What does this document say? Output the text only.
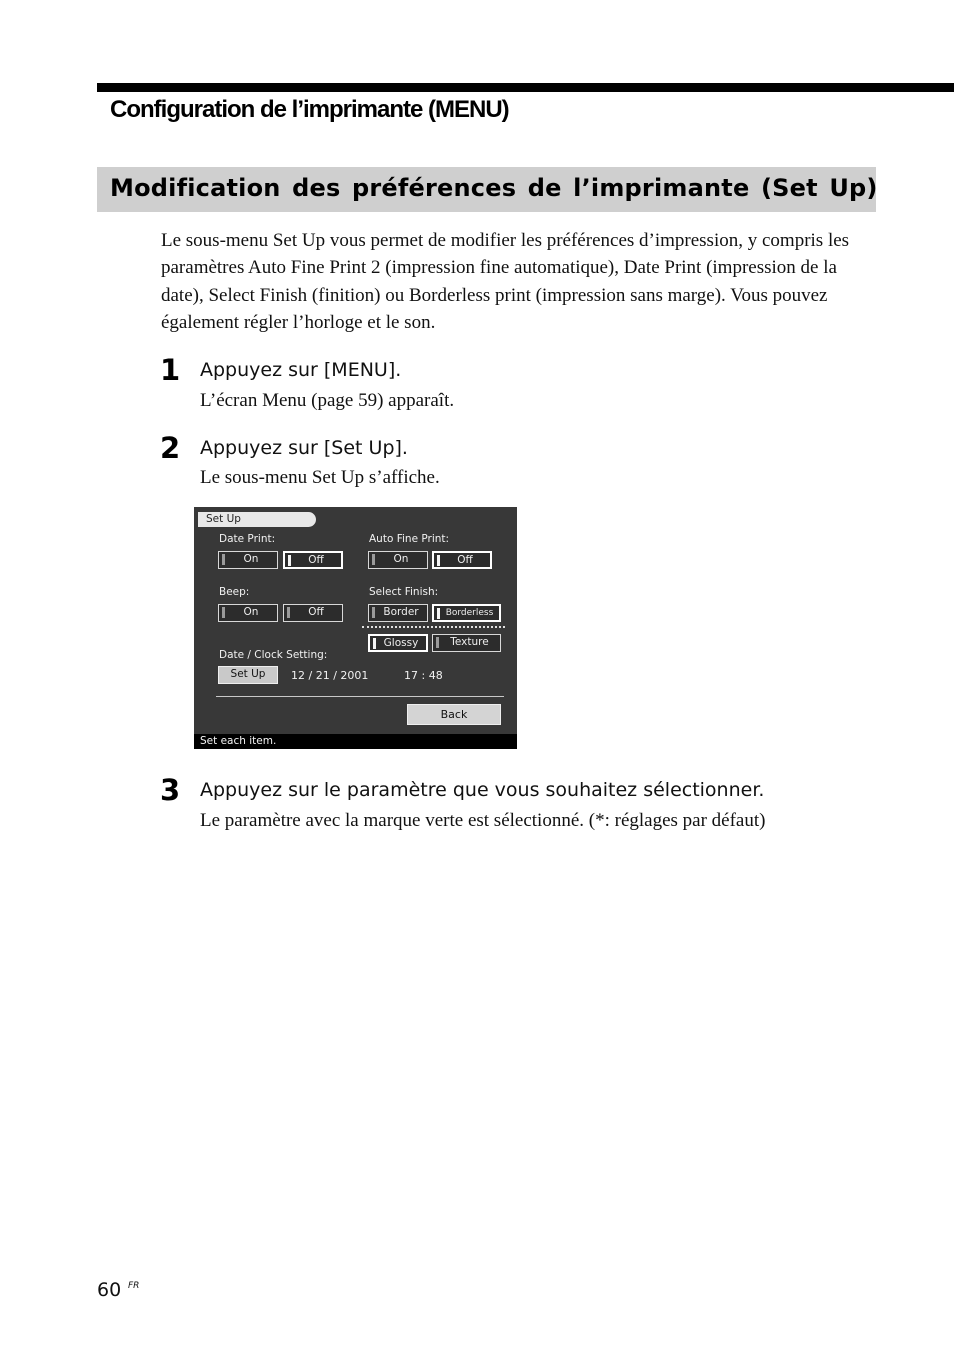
Configuration de l’imprimante (MENU)
Modification des préférences de l’imprimante (Set Up)

Le sous-menu Set Up vous permet de modifier les préférences d’impression, y compris les paramètres Auto Fine Print 2 (impression fine automatique), Date Print (impression de la date), Select Finish (finition) ou Borderless print (impression sans marge). Vous pouvez également régler l’horloge et le son.

1 Appuyez sur [MENU].
L’écran Menu (page 59) apparaît.
2 Appuyez sur [Set Up].
Le sous-menu Set Up s’affiche.
Set Up
Date Print:
On	Off
Auto Fine Print:
On	Off
Beep:
On	Off
Select Finish:
Border	Borderless
Glossy	Texture
Date / Clock Setting:
Set Up	12 / 21 / 2001	17 : 48
Back
Set each item.
3 Appuyez sur le paramètre que vous souhaitez sélectionner.
Le paramètre avec la marque verte est sélectionné. (*: réglages par défaut)
60 FR
